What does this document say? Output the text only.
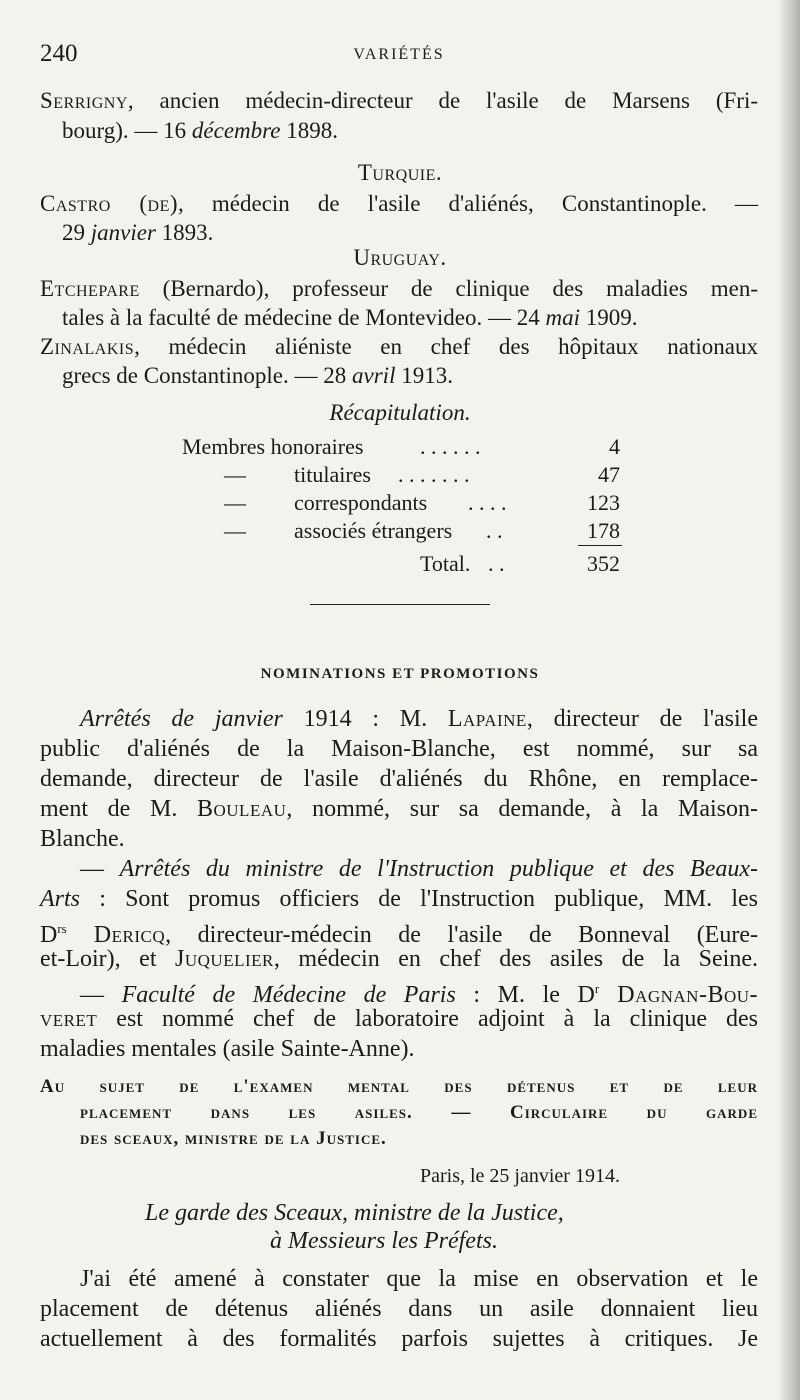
240	VARIÉTÉS
Serrigny, ancien médecin-directeur de l'asile de Marsens (Fri-
bourg). — 16 décembre 1898.
Turquie.
Castro (de), médecin de l'asile d'aliénés, Constantinople. —
29 janvier 1893.
Uruguay.
Etchepare (Bernardo), professeur de clinique des maladies men-
tales à la faculté de médecine de Montevideo. — 24 mai 1909.
Zinalakis, médecin aliéniste en chef des hôpitaux nationaux
grecs de Constantinople. — 28 avril 1913.
Récapitulation.
Membres honoraires	. . . . . .	4
— titulaires . . . . . . .	47
— correspondants . . . .	123
— associés étrangers . .	178
Total. . .	352
NOMINATIONS ET PROMOTIONS
Arrêtés de janvier 1914 : M. Lapaine, directeur de l'asile
public d'aliénés de la Maison-Blanche, est nommé, sur sa
demande, directeur de l'asile d'aliénés du Rhône, en remplace-
ment de M. Bouleau, nommé, sur sa demande, à la Maison-
Blanche.
— Arrêtés du ministre de l'Instruction publique et des Beaux-
Arts : Sont promus officiers de l'Instruction publique, MM. les
$D^{rs}$ Dericq, directeur-médecin de l'asile de Bonneval (Eure-
et-Loir), et Juquelier, médecin en chef des asiles de la Seine.
— Faculté de Médecine de Paris : M. le $D^r$ Dagnan-Bou-
veret est nommé chef de laboratoire adjoint à la clinique des
maladies mentales (asile Sainte-Anne).
Au sujet de l'examen mental des détenus et de leur
placement dans les asiles. — Circulaire du garde
des sceaux, ministre de la Justice.
Paris, le 25 janvier 1914.
Le garde des Sceaux, ministre de la Justice,
à Messieurs les Préfets.
J'ai été amené à constater que la mise en observation et le
placement de détenus aliénés dans un asile donnaient lieu
actuellement à des formalités parfois sujettes à critiques. Je
